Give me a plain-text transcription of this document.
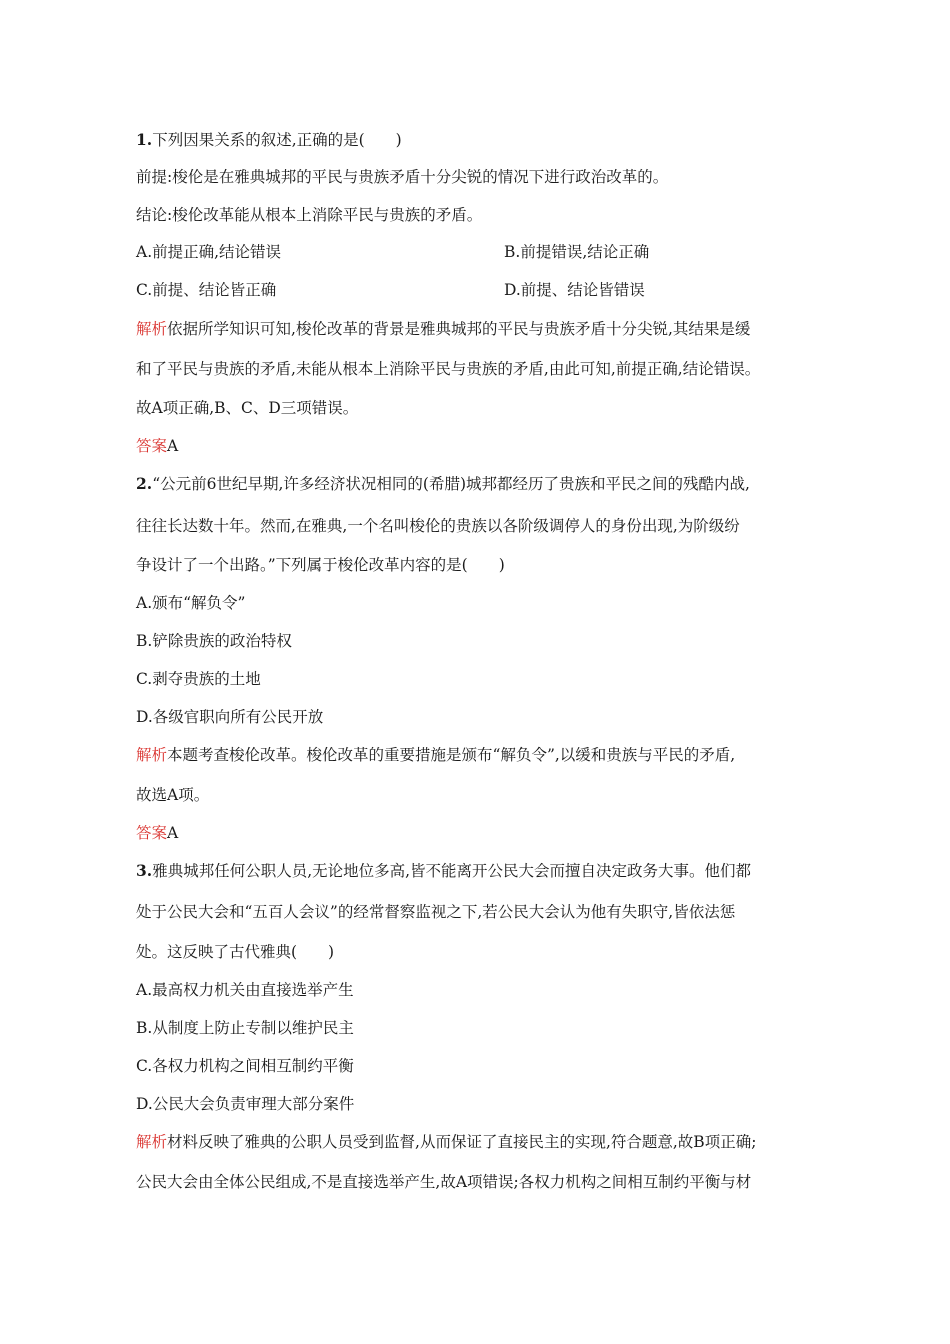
1.下列因果关系的叙述,正确的是(　　)
前提:梭伦是在雅典城邦的平民与贵族矛盾十分尖锐的情况下进行政治改革的。
结论:梭伦改革能从根本上消除平民与贵族的矛盾。
A.前提正确,结论错误	B.前提错误,结论正确
C.前提、结论皆正确	D.前提、结论皆错误
解析依据所学知识可知,梭伦改革的背景是雅典城邦的平民与贵族矛盾十分尖锐,其结果是缓
和了平民与贵族的矛盾,未能从根本上消除平民与贵族的矛盾,由此可知,前提正确,结论错误。
故A项正确,B、C、D三项错误。
答案A
2.“公元前6世纪早期,许多经济状况相同的(希腊)城邦都经历了贵族和平民之间的残酷内战,
往往长达数十年。然而,在雅典,一个名叫梭伦的贵族以各阶级调停人的身份出现,为阶级纷
争设计了一个出路。”下列属于梭伦改革内容的是(　　)
A.颁布“解负令”
B.铲除贵族的政治特权
C.剥夺贵族的土地
D.各级官职向所有公民开放
解析本题考查梭伦改革。梭伦改革的重要措施是颁布“解负令”,以缓和贵族与平民的矛盾,
故选A项。
答案A
3.雅典城邦任何公职人员,无论地位多高,皆不能离开公民大会而擅自决定政务大事。他们都
处于公民大会和“五百人会议”的经常督察监视之下,若公民大会认为他有失职守,皆依法惩
处。这反映了古代雅典(　　)
A.最高权力机关由直接选举产生
B.从制度上防止专制以维护民主
C.各权力机构之间相互制约平衡
D.公民大会负责审理大部分案件
解析材料反映了雅典的公职人员受到监督,从而保证了直接民主的实现,符合题意,故B项正确;
公民大会由全体公民组成,不是直接选举产生,故A项错误;各权力机构之间相互制约平衡与材
